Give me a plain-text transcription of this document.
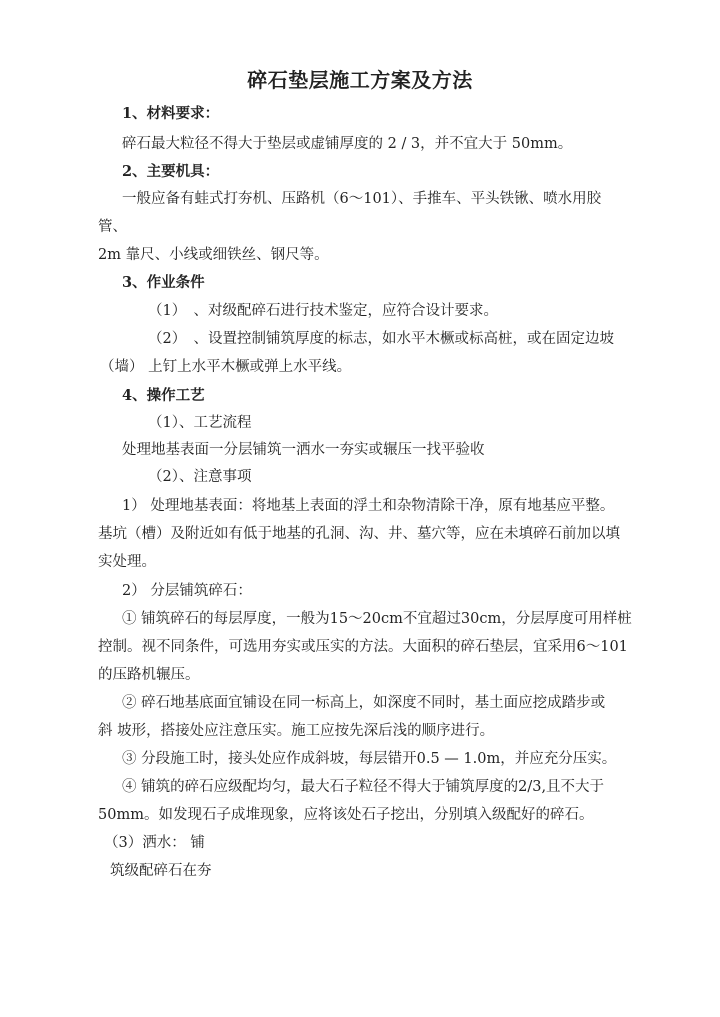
碎石垫层施工方案及方法
1、材料要求：
碎石最大粒径不得大于垫层或虚铺厚度的 2 / 3，并不宜大于 50mm。
2、主要机具：
一般应备有蛙式打夯机、压路机（6～101）、手推车、平头铁锹、喷水用胶
管、
2m 靠尺、小线或细铁丝、钢尺等。
3、作业条件
（1）　、对级配碎石进行技术鉴定，应符合设计要求。
（2）　、设置控制铺筑厚度的标志，如水平木橛或标高桩，或在固定边坡
（墙） 上钉上水平木橛或弹上水平线。
4、操作工艺
（1）、工艺流程
处理地基表面一分层铺筑一洒水一夯实或辗压一找平验收
（2）、注意事项
1） 处理地基表面：将地基上表面的浮土和杂物清除干净，原有地基应平整。
基坑（槽）及附近如有低于地基的孔洞、沟、井、墓穴等，应在未填碎石前加以填
实处理。
2） 分层铺筑碎石：
① 铺筑碎石的每层厚度，一般为15～20cm不宜超过30cm，分层厚度可用样桩
控制。视不同条件，可选用夯实或压实的方法。大面积的碎石垫层，宜采用6～101
的压路机辗压。
② 碎石地基底面宜铺设在同一标高上，如深度不同时，基土面应挖成踏步或
斜 坡形，搭接处应注意压实。施工应按先深后浅的顺序进行。
③ 分段施工时，接头处应作成斜坡，每层错开0.5 — 1.0m，并应充分压实。
④ 铺筑的碎石应级配均匀，最大石子粒径不得大于铺筑厚度的2/3,且不大于
50mm。如发现石子成堆现象，应将该处石子挖出，分别填入级配好的碎石。
（3）洒水： 铺
筑级配碎石在夯
